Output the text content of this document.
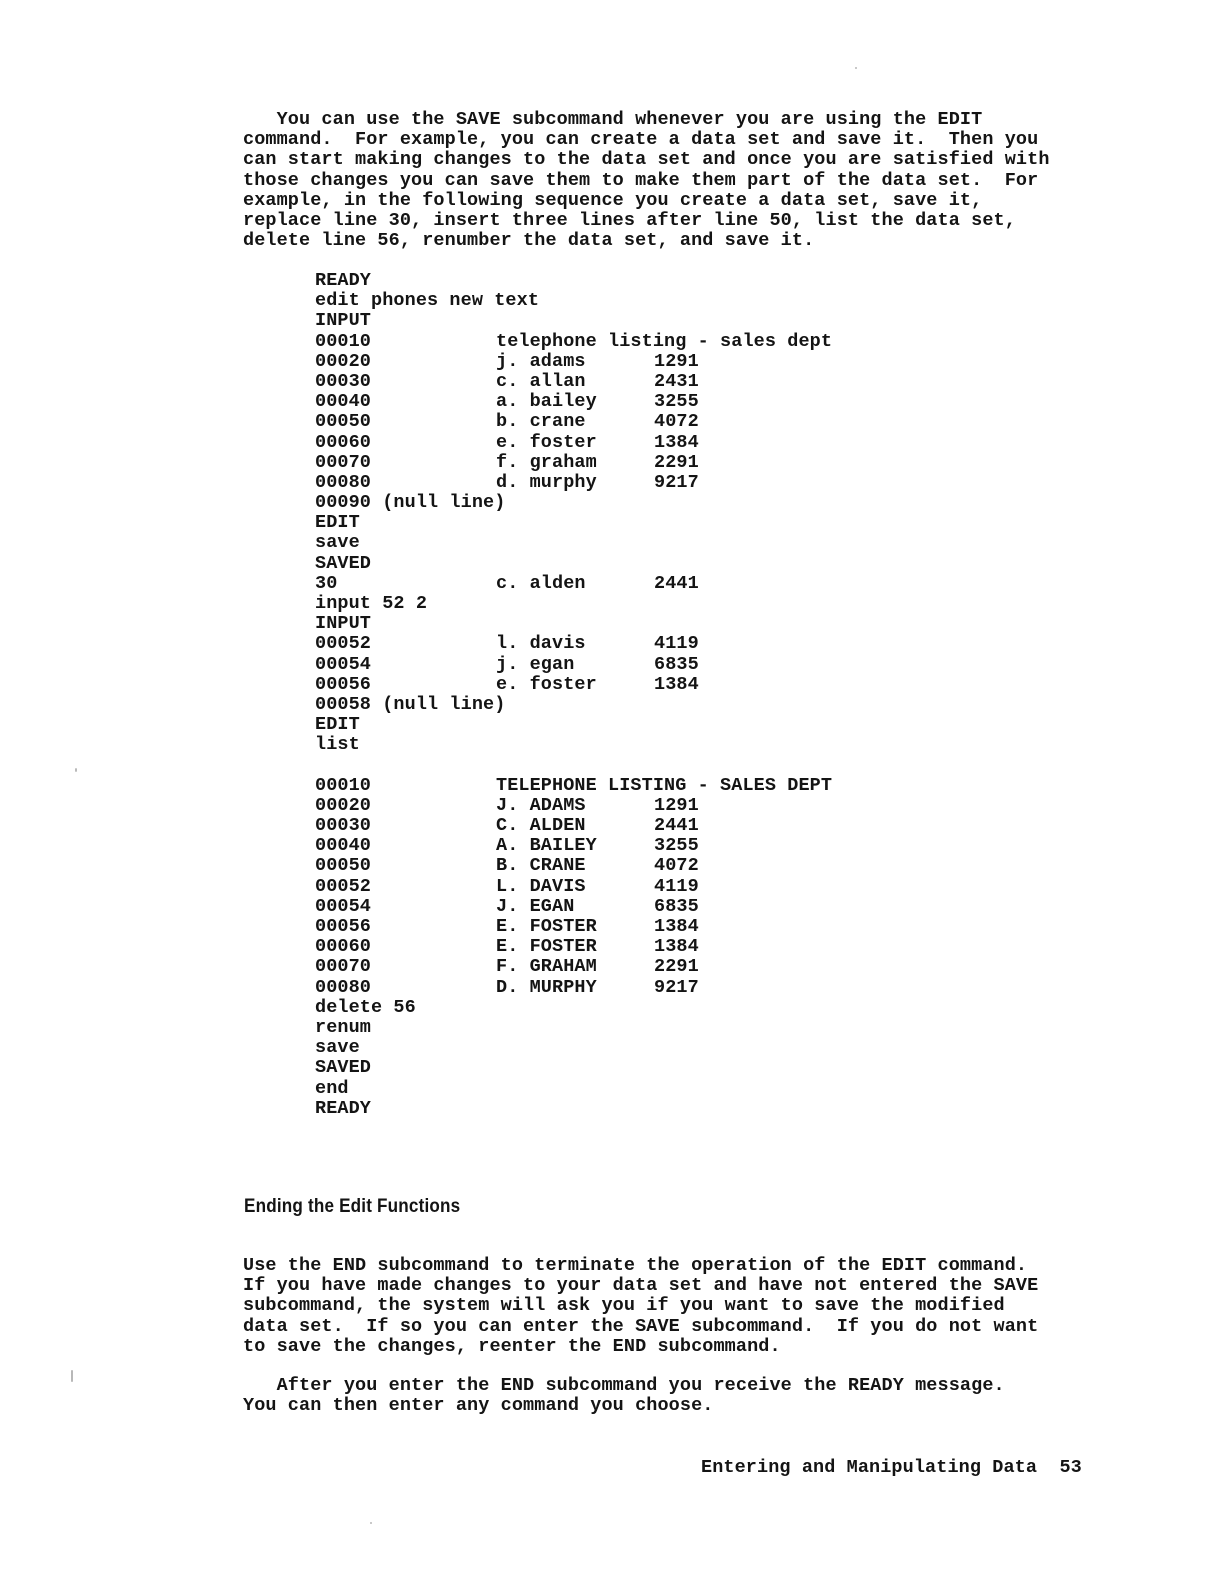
You can use the SAVE subcommand whenever you are using the EDIT
command.  For example, you can create a data set and save it.  Then you
can start making changes to the data set and once you are satisfied with
those changes you can save them to make them part of the data set.  For
example, in the following sequence you create a data set, save it,
replace line 30, insert three lines after line 50, list the data set,
delete line 56, renumber the data set, and save it.

READY
edit phones new text
INPUT
00010	telephone listing - sales dept
00020	j. adams	1291
00030	c. allan	2431
00040	a. bailey	3255
00050	b. crane	4072
00060	e. foster	1384
00070	f. graham	2291
00080	d. murphy	9217
00090 (null line)
EDIT
save
SAVED
30	c. alden	2441
input 52 2
INPUT
00052	l. davis	4119
00054	j. egan	6835
00056	e. foster	1384
00058 (null line)
EDIT
list
00010	TELEPHONE LISTING - SALES DEPT
00020	J. ADAMS	1291
00030	C. ALDEN	2441
00040	A. BAILEY	3255
00050	B. CRANE	4072
00052	L. DAVIS	4119
00054	J. EGAN	6835
00056	E. FOSTER	1384
00060	E. FOSTER	1384
00070	F. GRAHAM	2291
00080	D. MURPHY	9217
delete 56
renum
save
SAVED
end
READY
Ending the Edit Functions

Use the END subcommand to terminate the operation of the EDIT command.
If you have made changes to your data set and have not entered the SAVE
subcommand, the system will ask you if you want to save the modified
data set.  If so you can enter the SAVE subcommand.  If you do not want
to save the changes, reenter the END subcommand.

After you enter the END subcommand you receive the READY message.
You can then enter any command you choose.

Entering and Manipulating Data 53
